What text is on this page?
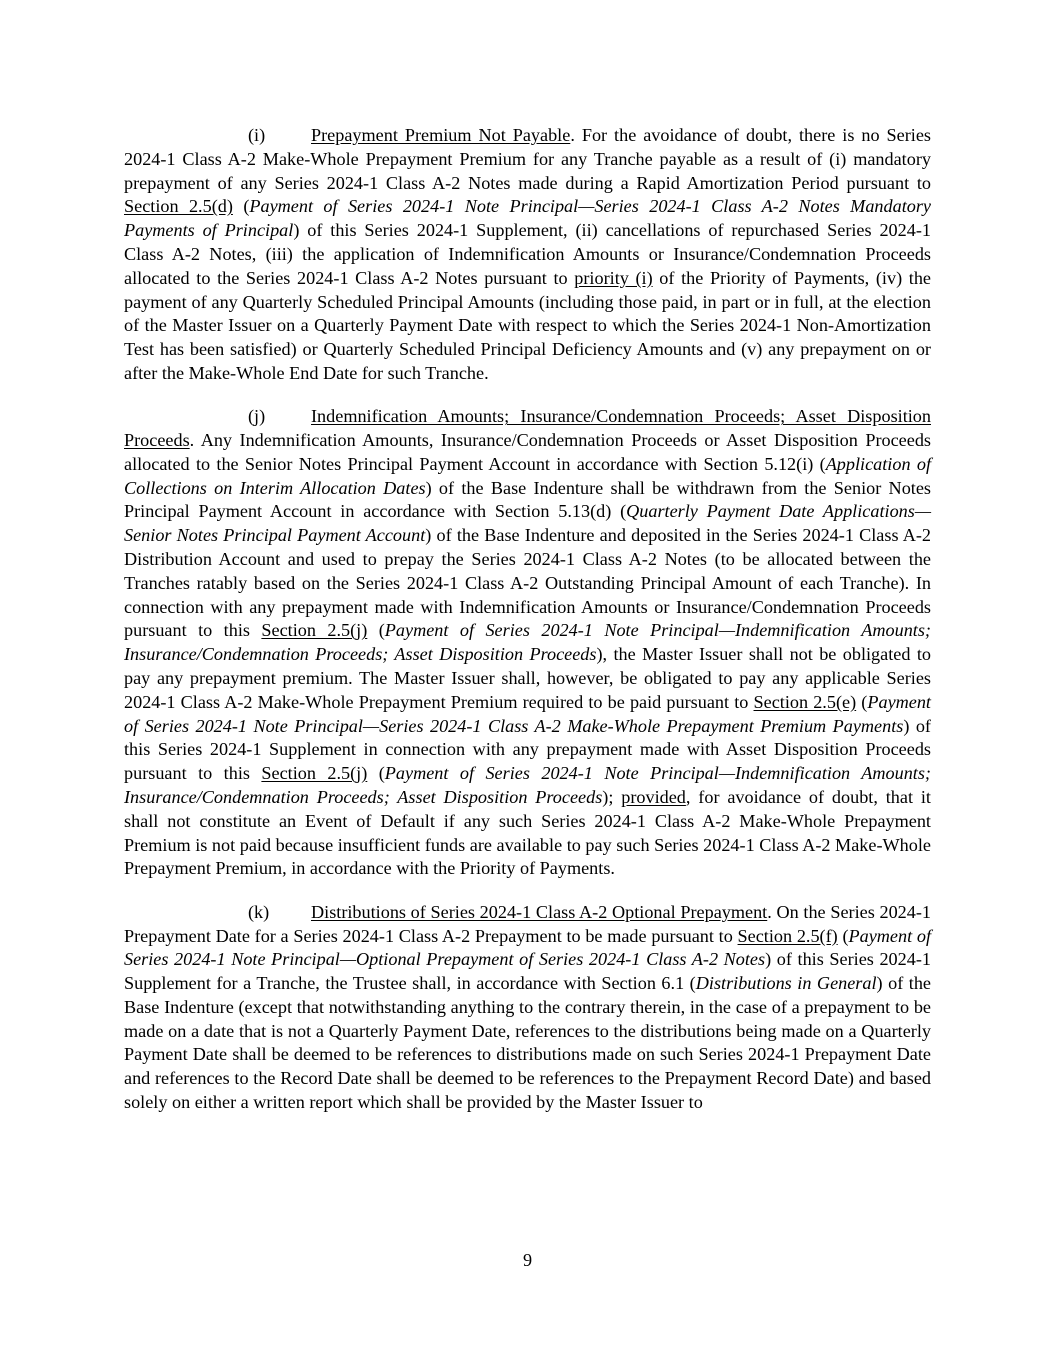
(i)	Prepayment Premium Not Payable. For the avoidance of doubt, there is no Series 2024-1 Class A-2 Make-Whole Prepayment Premium for any Tranche payable as a result of (i) mandatory prepayment of any Series 2024-1 Class A-2 Notes made during a Rapid Amortization Period pursuant to Section 2.5(d) (Payment of Series 2024-1 Note Principal—Series 2024-1 Class A-2 Notes Mandatory Payments of Principal) of this Series 2024-1 Supplement, (ii) cancellations of repurchased Series 2024-1 Class A-2 Notes, (iii) the application of Indemnification Amounts or Insurance/Condemnation Proceeds allocated to the Series 2024-1 Class A-2 Notes pursuant to priority (i) of the Priority of Payments, (iv) the payment of any Quarterly Scheduled Principal Amounts (including those paid, in part or in full, at the election of the Master Issuer on a Quarterly Payment Date with respect to which the Series 2024-1 Non-Amortization Test has been satisfied) or Quarterly Scheduled Principal Deficiency Amounts and (v) any prepayment on or after the Make-Whole End Date for such Tranche.

(j)	Indemnification Amounts; Insurance/Condemnation Proceeds; Asset Disposition Proceeds. Any Indemnification Amounts, Insurance/Condemnation Proceeds or Asset Disposition Proceeds allocated to the Senior Notes Principal Payment Account in accordance with Section 5.12(i) (Application of Collections on Interim Allocation Dates) of the Base Indenture shall be withdrawn from the Senior Notes Principal Payment Account in accordance with Section 5.13(d) (Quarterly Payment Date Applications—Senior Notes Principal Payment Account) of the Base Indenture and deposited in the Series 2024-1 Class A-2 Distribution Account and used to prepay the Series 2024-1 Class A-2 Notes (to be allocated between the Tranches ratably based on the Series 2024-1 Class A-2 Outstanding Principal Amount of each Tranche). In connection with any prepayment made with Indemnification Amounts or Insurance/Condemnation Proceeds pursuant to this Section 2.5(j) (Payment of Series 2024-1 Note Principal—Indemnification Amounts; Insurance/Condemnation Proceeds; Asset Disposition Proceeds), the Master Issuer shall not be obligated to pay any prepayment premium. The Master Issuer shall, however, be obligated to pay any applicable Series 2024-1 Class A-2 Make-Whole Prepayment Premium required to be paid pursuant to Section 2.5(e) (Payment of Series 2024-1 Note Principal—Series 2024-1 Class A-2 Make-Whole Prepayment Premium Payments) of this Series 2024-1 Supplement in connection with any prepayment made with Asset Disposition Proceeds pursuant to this Section 2.5(j) (Payment of Series 2024-1 Note Principal—Indemnification Amounts; Insurance/Condemnation Proceeds; Asset Disposition Proceeds); provided, for avoidance of doubt, that it shall not constitute an Event of Default if any such Series 2024-1 Class A-2 Make-Whole Prepayment Premium is not paid because insufficient funds are available to pay such Series 2024-1 Class A-2 Make-Whole Prepayment Premium, in accordance with the Priority of Payments.

(k) Distributions of Series 2024-1 Class A-2 Optional Prepayment. On the Series 2024-1 Prepayment Date for a Series 2024-1 Class A-2 Prepayment to be made pursuant to Section 2.5(f) (Payment of Series 2024-1 Note Principal—Optional Prepayment of Series 2024-1 Class A-2 Notes) of this Series 2024-1 Supplement for a Tranche, the Trustee shall, in accordance with Section 6.1 (Distributions in General) of the Base Indenture (except that notwithstanding anything to the contrary therein, in the case of a prepayment to be made on a date that is not a Quarterly Payment Date, references to the distributions being made on a Quarterly Payment Date shall be deemed to be references to distributions made on such Series 2024-1 Prepayment Date and references to the Record Date shall be deemed to be references to the Prepayment Record Date) and based solely on either a written report which shall be provided by the Master Issuer to

9
